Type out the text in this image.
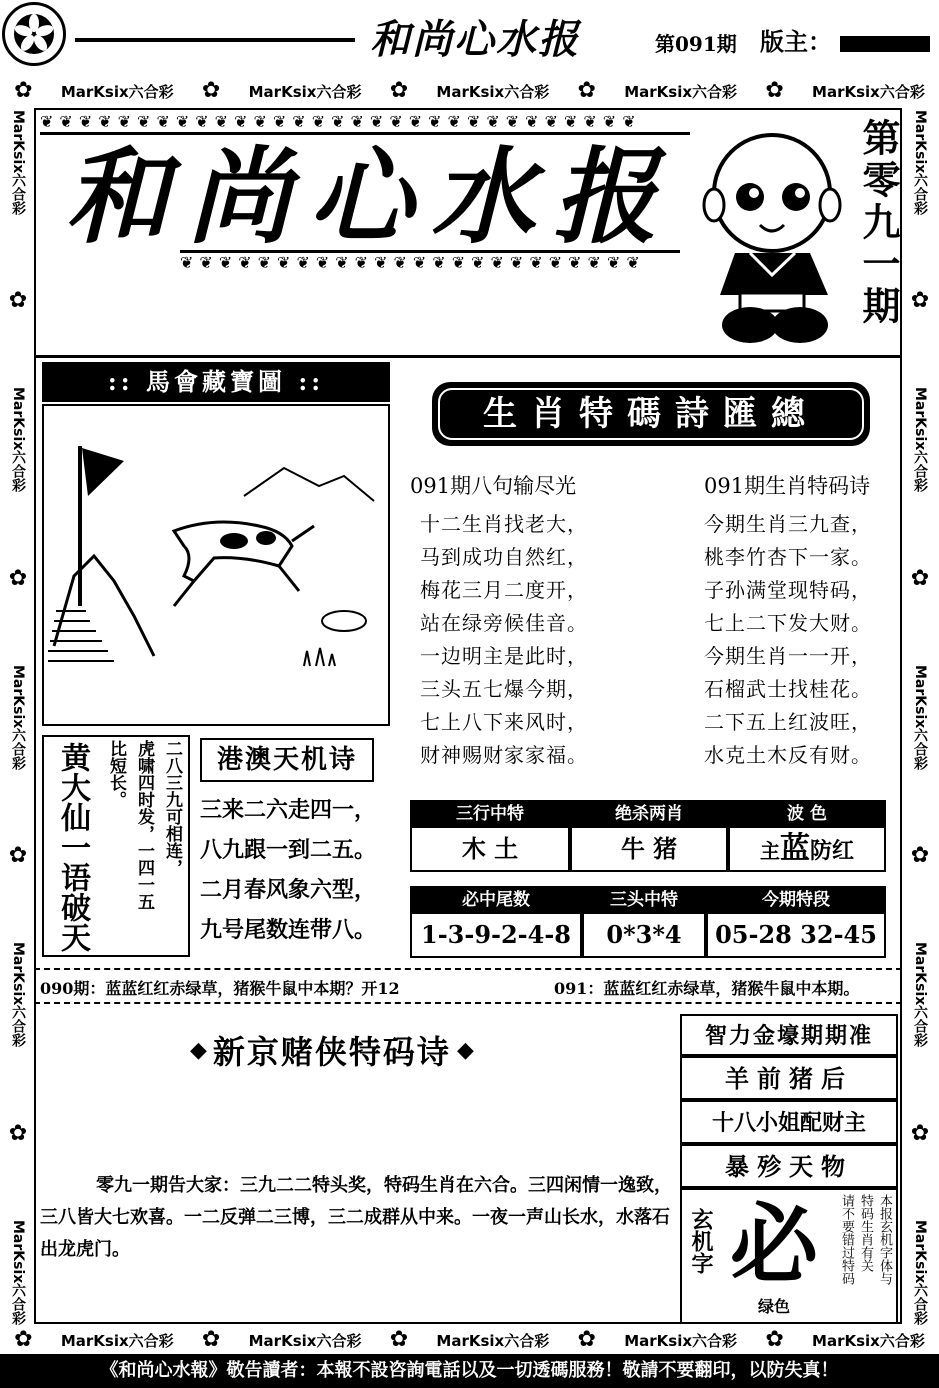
和尚心水报	第091期 版主：
✿ MarKsix六合彩 ✿ MarKsix六合彩 ✿ MarKsix六合彩 ✿ MarKsix六合彩 ✿ MarKsix六合彩
MarKsix六合彩
✿
MarKsix六合彩
✿
MarKsix六合彩
✿
MarKsix六合彩
✿
MarKsix六合彩
MarKsix六合彩
✿
MarKsix六合彩
✿
MarKsix六合彩
✿
MarKsix六合彩
✿
MarKsix六合彩
❦❦❦❦❦❦❦❦❦❦❦❦❦❦❦❦❦❦❦❦❦❦❦❦❦❦❦❦❦❦❦
和尚心水报
❦❦❦❦❦❦❦❦❦❦❦❦❦❦❦❦❦❦❦❦❦❦❦❦	第零九一期
:: 馬會藏寶圖 ::
生肖特碼詩匯總
091期八句输尽光	091期生肖特码诗
十二生肖找老大，
马到成功自然红，
梅花三月二度开，
站在绿旁候佳音。
一边明主是此时，
三头五七爆今期，
七上八下来风时，
财神赐财家家福。
今期生肖三九查，
桃李竹杏下一家。
子孙满堂现特码，
七上二下发大财。
今期生肖一一开，
石榴武士找桂花。
二下五上红波旺，
水克土木反有财。
黄大仙一语破天
二八三九可相连，
虎啸四时发，一四一五
比短长。	港澳天机诗
三来二六走四一，
八九跟一到二五。
二月春风象六型，
九号尾数连带八。
三行中特	绝杀两肖	波 色
木 土	牛 猪	主蓝防红
必中尾数	三头中特	今期特段
1-3-9-2-4-8	0*3*4	05-28 32-45
090期：蓝蓝红红赤绿草，猪猴牛鼠中本期？开12	091：蓝蓝红红赤绿草，猪猴牛鼠中本期。
◆ 新京赌侠特码诗 ◆
零九一期告大家：三九二二特头奖，特码生肖在六合。三四闲情一逸致，三八皆大七欢喜。一二反弹二三博，三二成群从中来。一夜一声山长水，水落石出龙虎门。
智力金壕期期准
羊前猪后
十八小姐配财主
暴殄天物
玄机字 必
绿色
本报玄机字体与
特码生肖有关
请不要错过特码
✿ MarKsix六合彩 ✿ MarKsix六合彩 ✿ MarKsix六合彩 ✿ MarKsix六合彩 ✿ MarKsix六合彩
《和尚心水報》敬告讀者：本報不設咨詢電話以及一切透碼服務！敬請不要翻印，以防失真！
